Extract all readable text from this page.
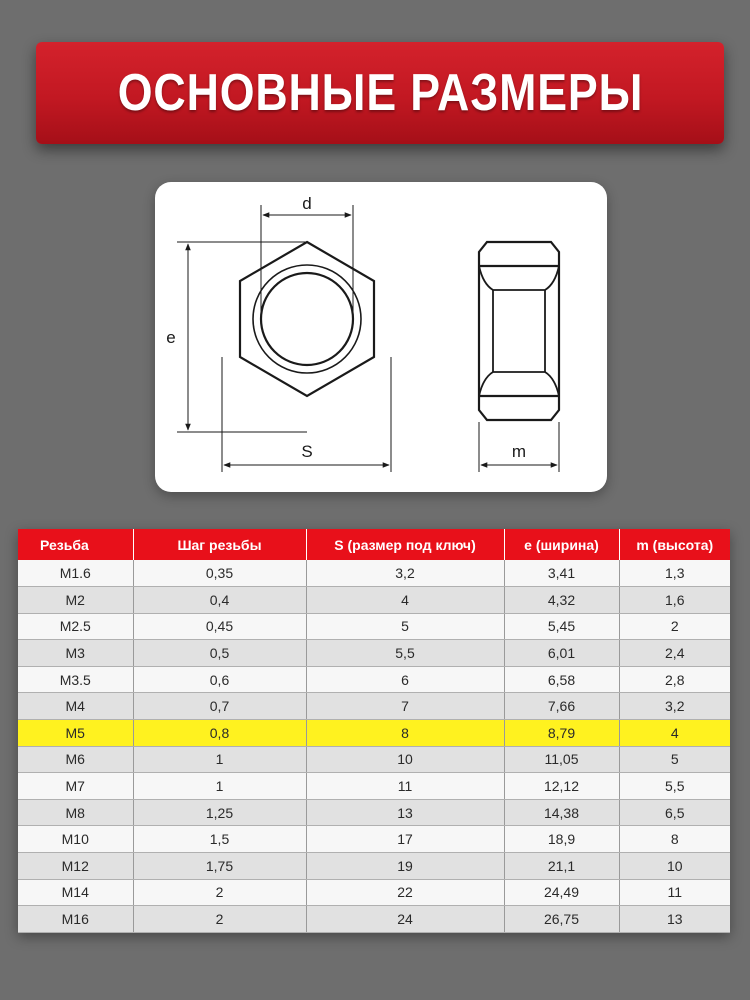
ОСНОВНЫЕ РАЗМЕРЫ
d
e
S	m
Резьба	Шаг резьбы	S (размер под ключ)	е (ширина)	m (высота)
М1.6	0,35	3,2	3,41	1,3
М2	0,4	4	4,32	1,6
М2.5	0,45	5	5,45	2
М3	0,5	5,5	6,01	2,4
М3.5	0,6	6	6,58	2,8
М4	0,7	7	7,66	3,2
М5	0,8	8	8,79	4
М6	1	10	11,05	5
М7	1	11	12,12	5,5
М8	1,25	13	14,38	6,5
М10	1,5	17	18,9	8
М12	1,75	19	21,1	10
М14	2	22	24,49	11
М16	2	24	26,75	13
